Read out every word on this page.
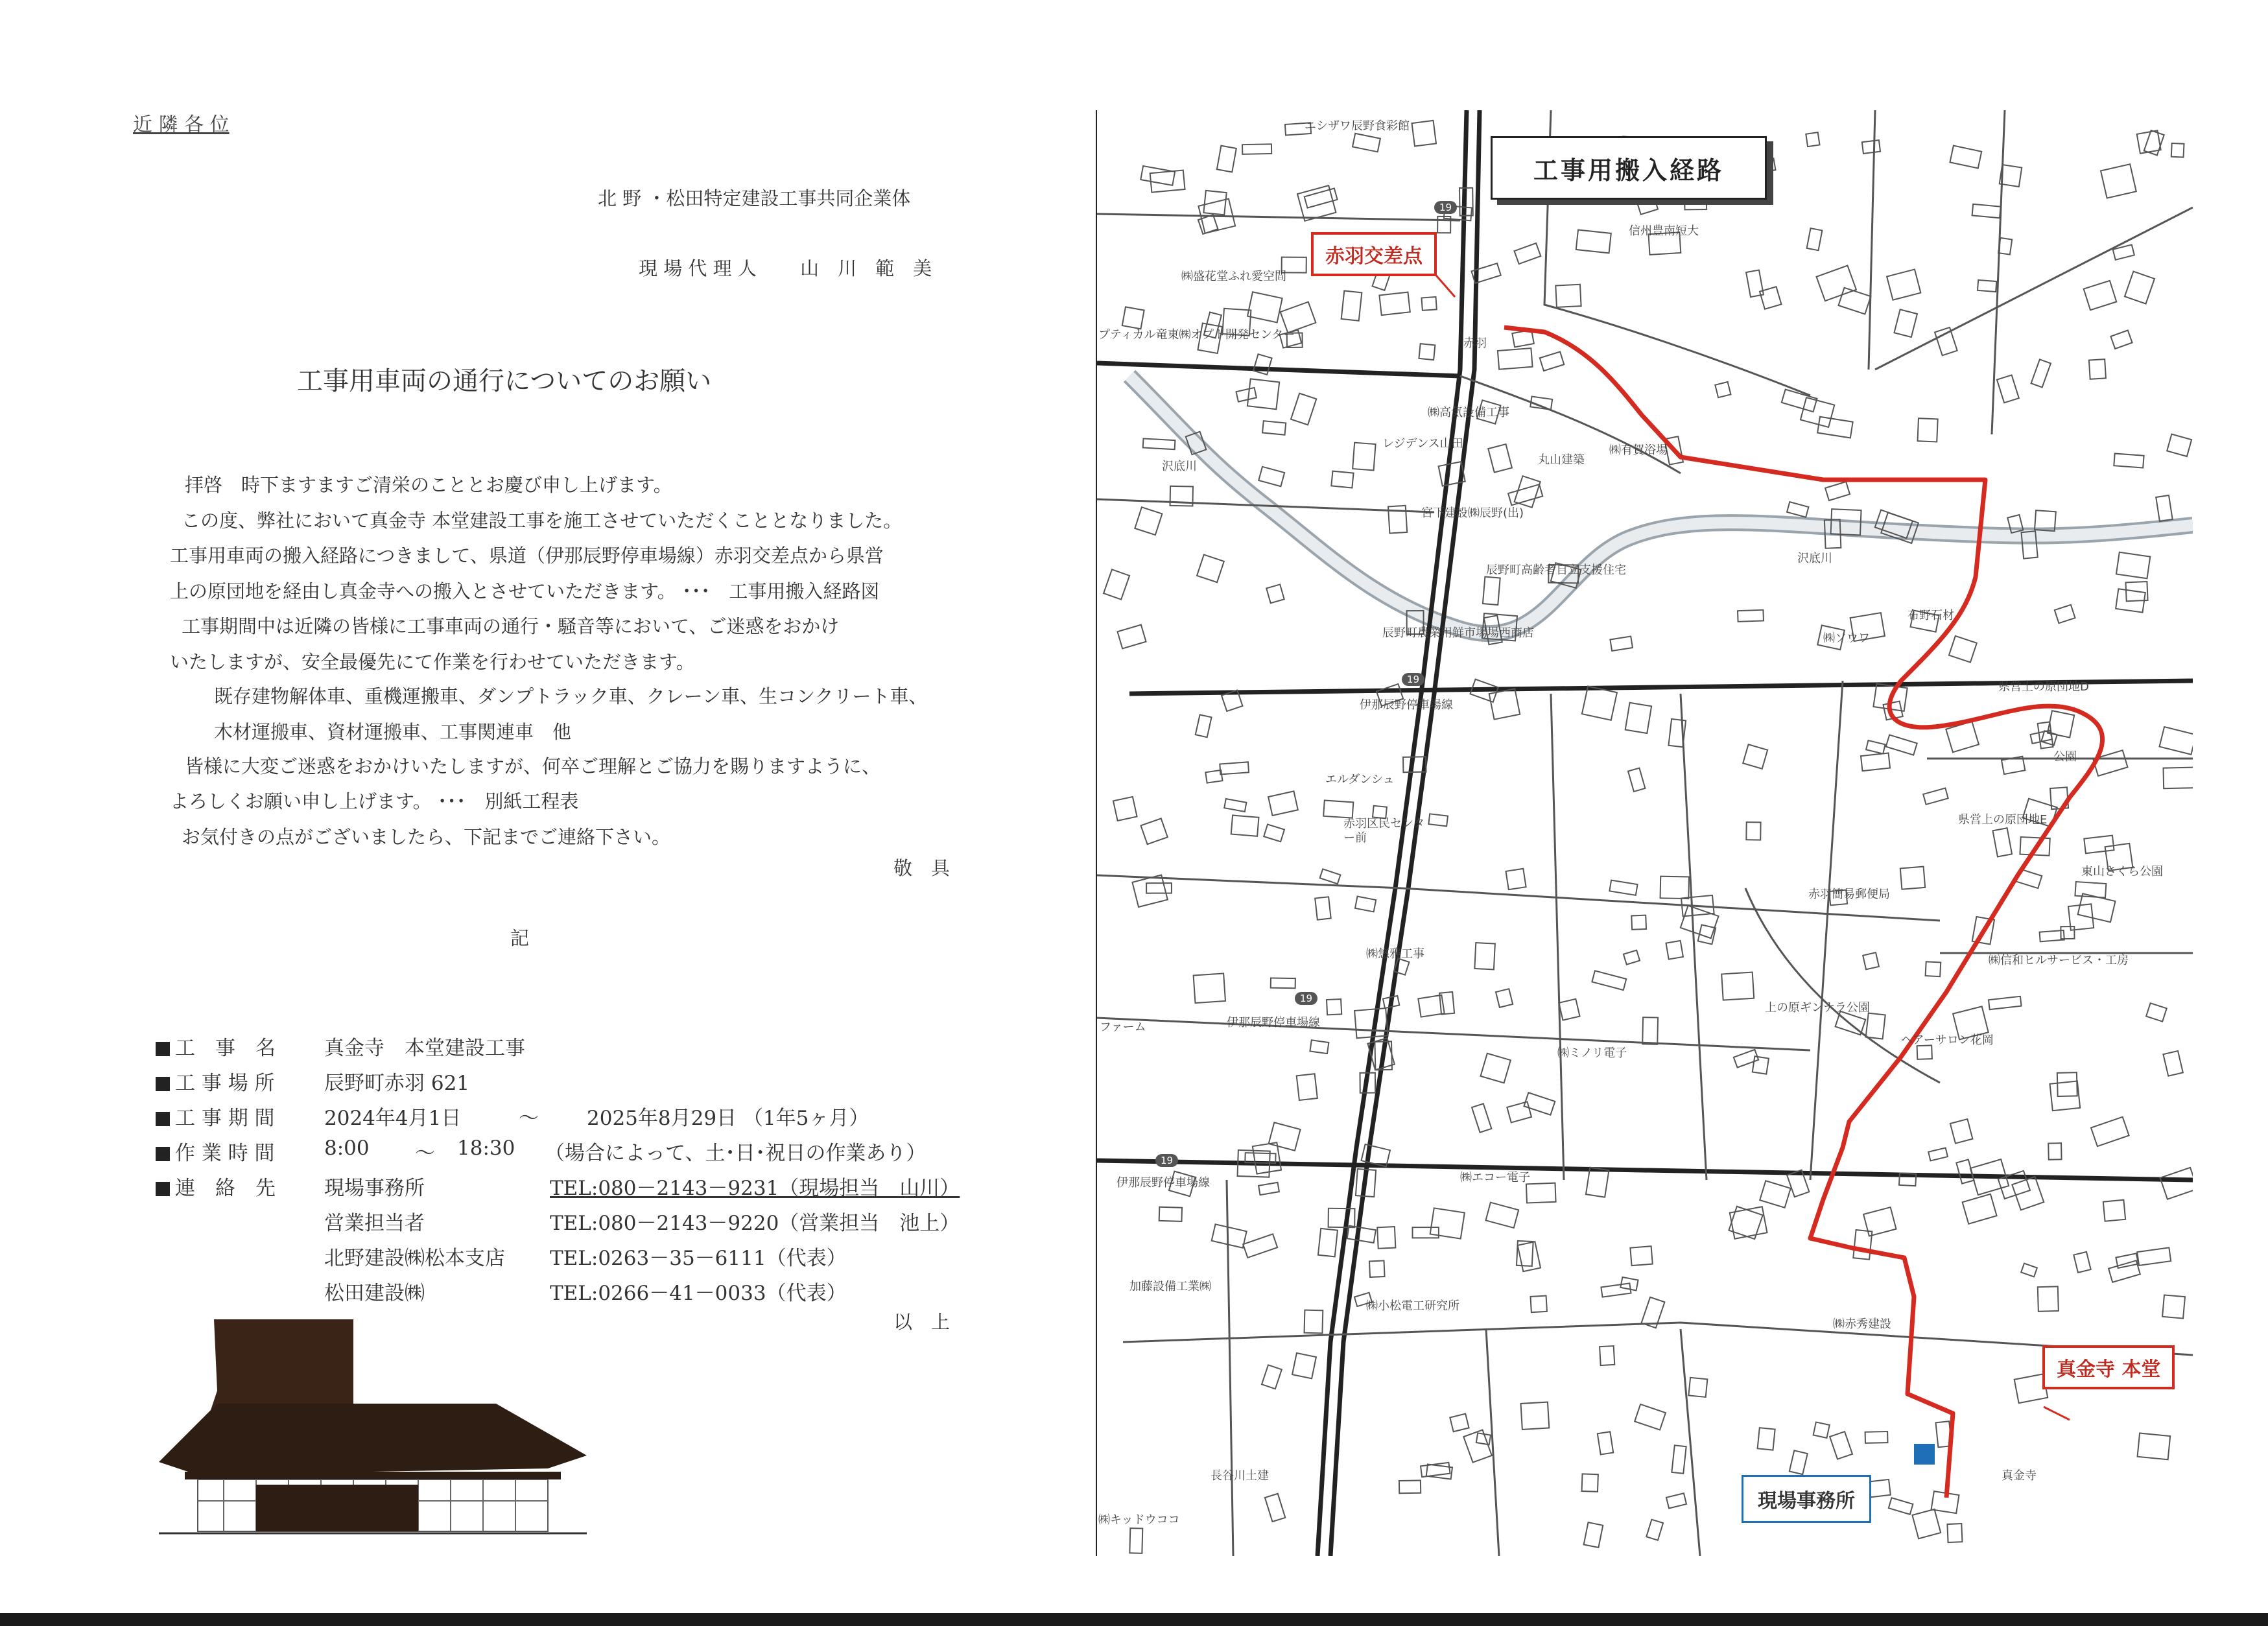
近 隣 各 位
北 野 ・松田特定建設工事共同企業体
現 場 代 理 人　　 山　川　範　美
工事用車両の通行についてのお願い
拝啓　時下ますますご清栄のこととお慶び申し上げます。
この度、弊社において真金寺 本堂建設工事を施工させていただくこととなりました。
工事用車両の搬入経路につきまして、県道（伊那辰野停車場線）赤羽交差点から県営
上の原団地を経由し真金寺への搬入とさせていただきます。 ･･･　工事用搬入経路図
工事期間中は近隣の皆様に工事車両の通行・騒音等において、ご迷惑をおかけ
いたしますが、安全最優先にて作業を行わせていただきます。
既存建物解体車、重機運搬車、ダンプトラック車、クレーン車、生コンクリート車、
木材運搬車、資材運搬車、工事関連車　他
皆様に大変ご迷惑をおかけいたしますが、何卒ご理解とご協力を賜りますように、
よろしくお願い申し上げます。 ･･･　別紙工程表
お気付きの点がございましたら、下記までご連絡下さい。
敬　具
記
工　事　名 真金寺　本堂建設工事
工 事 場 所 辰野町赤羽 621
工 事 期 間 2024年4月1日	～ 2025年8月29日 （1年5ヶ月）
作 業 時 間 8:00 ～ 18:30 （場合によって、土･日･祝日の作業あり）
連　絡　先 現場事務所	TEL:080－2143－9231（現場担当　山川）
営業担当者	TEL:080－2143－9220（営業担当　池上）
北野建設㈱松本支店 TEL:0263－35－6111（代表）
松田建設㈱	TEL:0266－41－0033（代表）
以　上
工事用搬入経路
赤羽交差点
真金寺 本堂
現場事務所
ニシザワ辰野食彩館
信州豊南短大
㈱盛花堂ふれ愛空間
プティカル竜東㈱オプト開発センター
赤羽
㈱高気設備工事
レジデンス山田	㈱有賀浴場
丸山建築
沢底川
宮下建設㈱辰野(出)
辰野町高齢者自立支援住宅
沢底川
布野石材
辰野町農業用鮮市場場西商店	㈱ソウワ
伊那辰野停車場線
県営上の原団地D
公園
エルダンシュ
赤羽区民センター前
県営上の原団地E
東山さくら公園
赤羽簡易郵便局
㈱悠雅工事	㈱信和ヒルサービス・工房
上の原ギンナラ公園
ヘアーサロン花岡
ファーム	伊那辰野停車場線
㈱ミノリ電子
㈱エコー電子
伊那辰野停車場線
加藤設備工業㈱
㈱小松電工研究所
㈱赤秀建設
長谷川土建	真金寺
㈱キッドウココ
19
19
19
19
